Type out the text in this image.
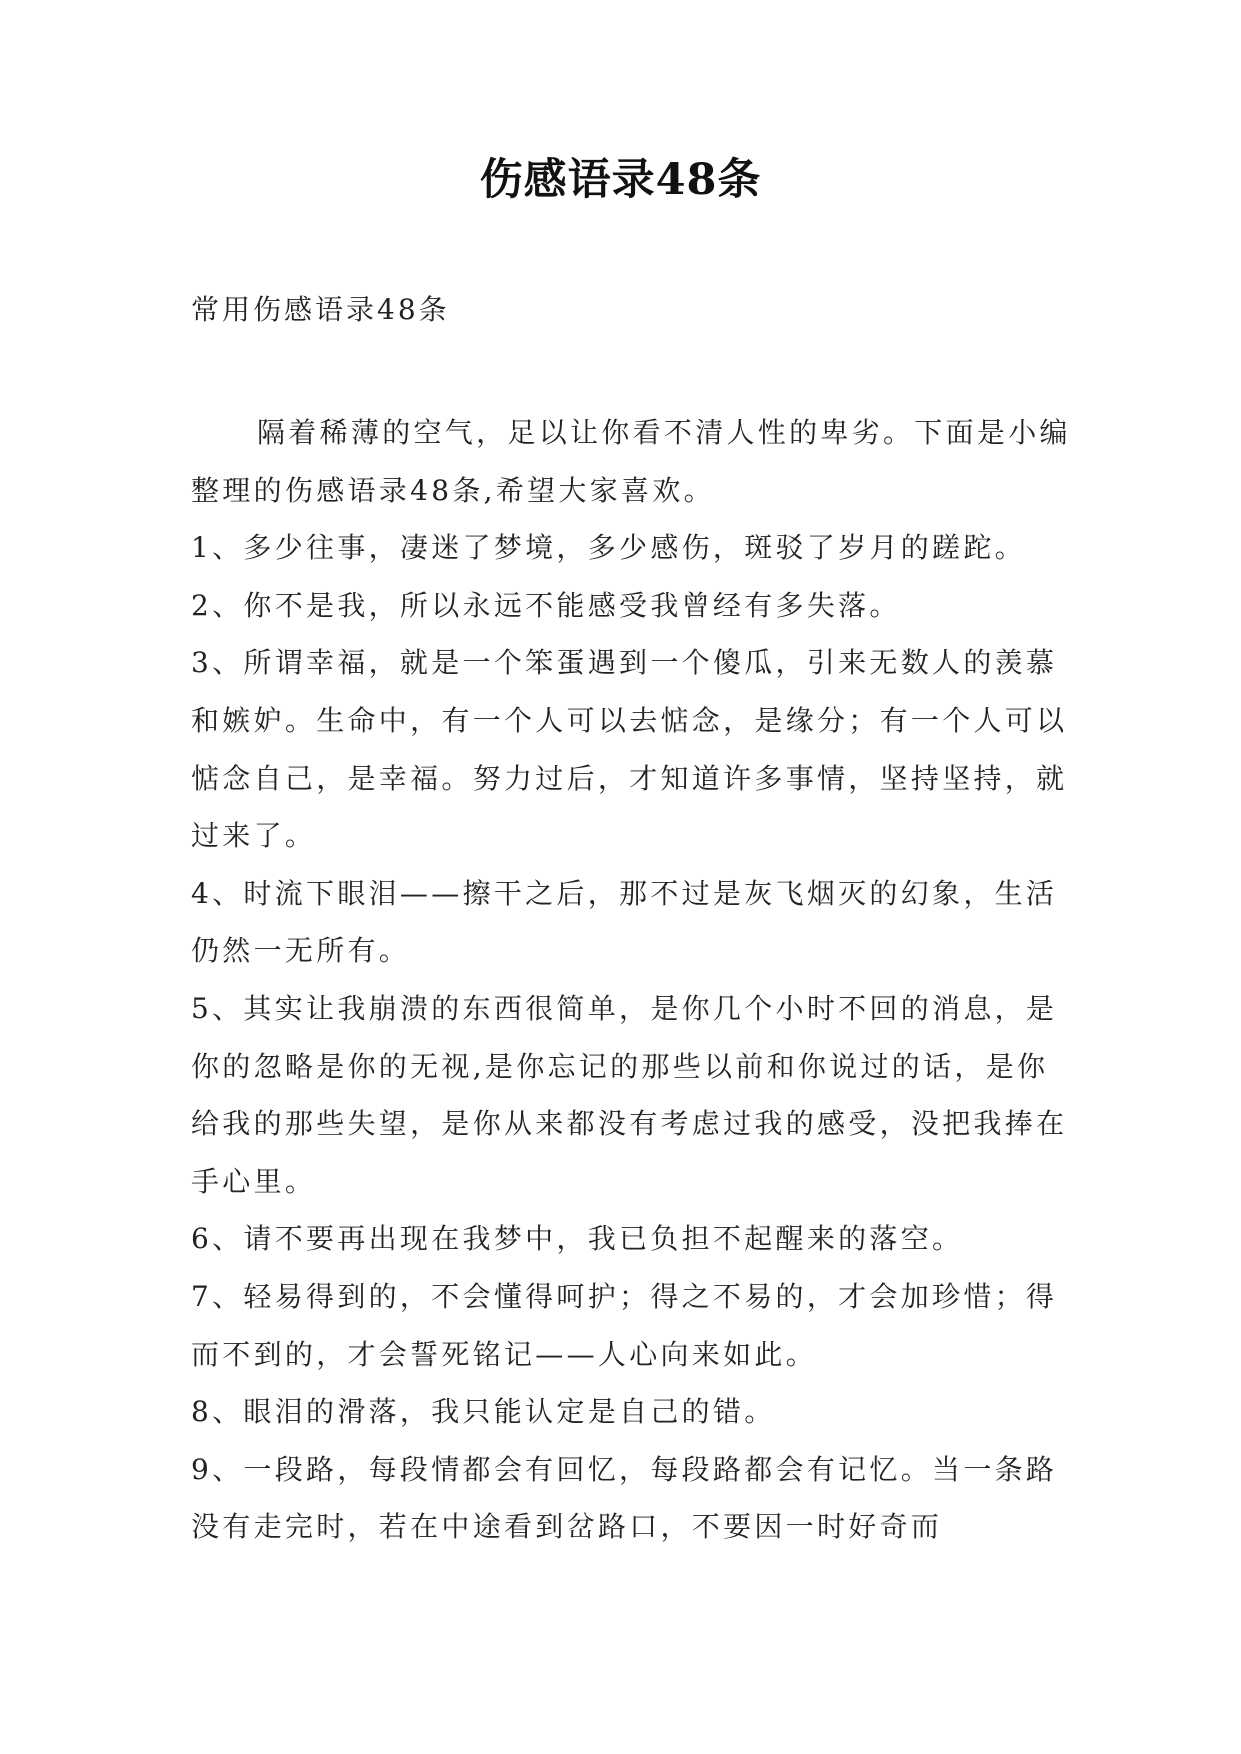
伤感语录48条
常用伤感语录48条

隔着稀薄的空气，足以让你看不清人性的卑劣。下面是小编整理的伤感语录48条,希望大家喜欢。

1、多少往事，凄迷了梦境，多少感伤，斑驳了岁月的蹉跎。

2、你不是我，所以永远不能感受我曾经有多失落。

3、所谓幸福，就是一个笨蛋遇到一个傻瓜，引来无数人的羡慕和嫉妒。生命中，有一个人可以去惦念，是缘分；有一个人可以惦念自己，是幸福。努力过后，才知道许多事情，坚持坚持，就过来了。

4、时流下眼泪——擦干之后，那不过是灰飞烟灭的幻象，生活仍然一无所有。

5、其实让我崩溃的东西很简单，是你几个小时不回的消息，是你的忽略是你的无视,是你忘记的那些以前和你说过的话，是你给我的那些失望，是你从来都没有考虑过我的感受，没把我捧在手心里。

6、请不要再出现在我梦中，我已负担不起醒来的落空。

7、轻易得到的，不会懂得呵护；得之不易的，才会加珍惜；得而不到的，才会誓死铭记——人心向来如此。

8、眼泪的滑落，我只能认定是自己的错。

9、一段路，每段情都会有回忆，每段路都会有记忆。当一条路没有走完时，若在中途看到岔路口，不要因一时好奇而
